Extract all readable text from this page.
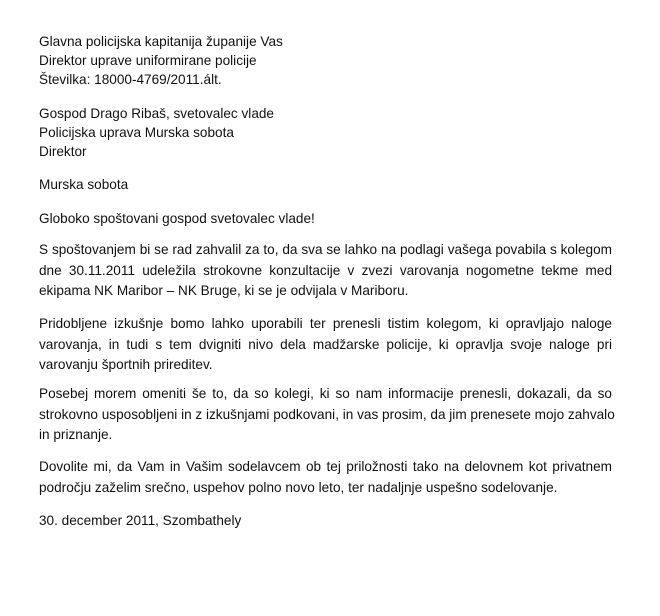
Glavna policijska kapitanija županije Vas

Direktor uprave uniformirane policije

Številka: 18000-4769/2011.ált.

Gospod Drago Ribaš, svetovalec vlade

Policijska uprava Murska sobota

Direktor

Murska sobota

Globoko spoštovani gospod svetovalec vlade!

S spoštovanjem bi se rad zahvalil za to, da sva se lahko na podlagi vašega povabila s kolegom
dne 30.11.2011 udeležila strokovne konzultacije v zvezi varovanja nogometne tekme med
ekipama NK Maribor – NK Bruge, ki se je odvijala v Mariboru.
Pridobljene izkušnje bomo lahko uporabili ter prenesli tistim kolegom, ki opravljajo naloge
varovanja, in tudi s tem dvigniti nivo dela madžarske policije, ki opravlja svoje naloge pri
varovanju športnih prireditev.
Posebej morem omeniti še to, da so kolegi, ki so nam informacije prenesli, dokazali, da so
strokovno usposobljeni in z izkušnjami podkovani, in vas prosim, da jim prenesete mojo zahvalo
in priznanje.
Dovolite mi, da Vam in Vašim sodelavcem ob tej priložnosti tako na delovnem kot privatnem
področju zaželim srečno, uspehov polno novo leto, ter nadaljnje uspešno sodelovanje.

30. december 2011, Szombathely
